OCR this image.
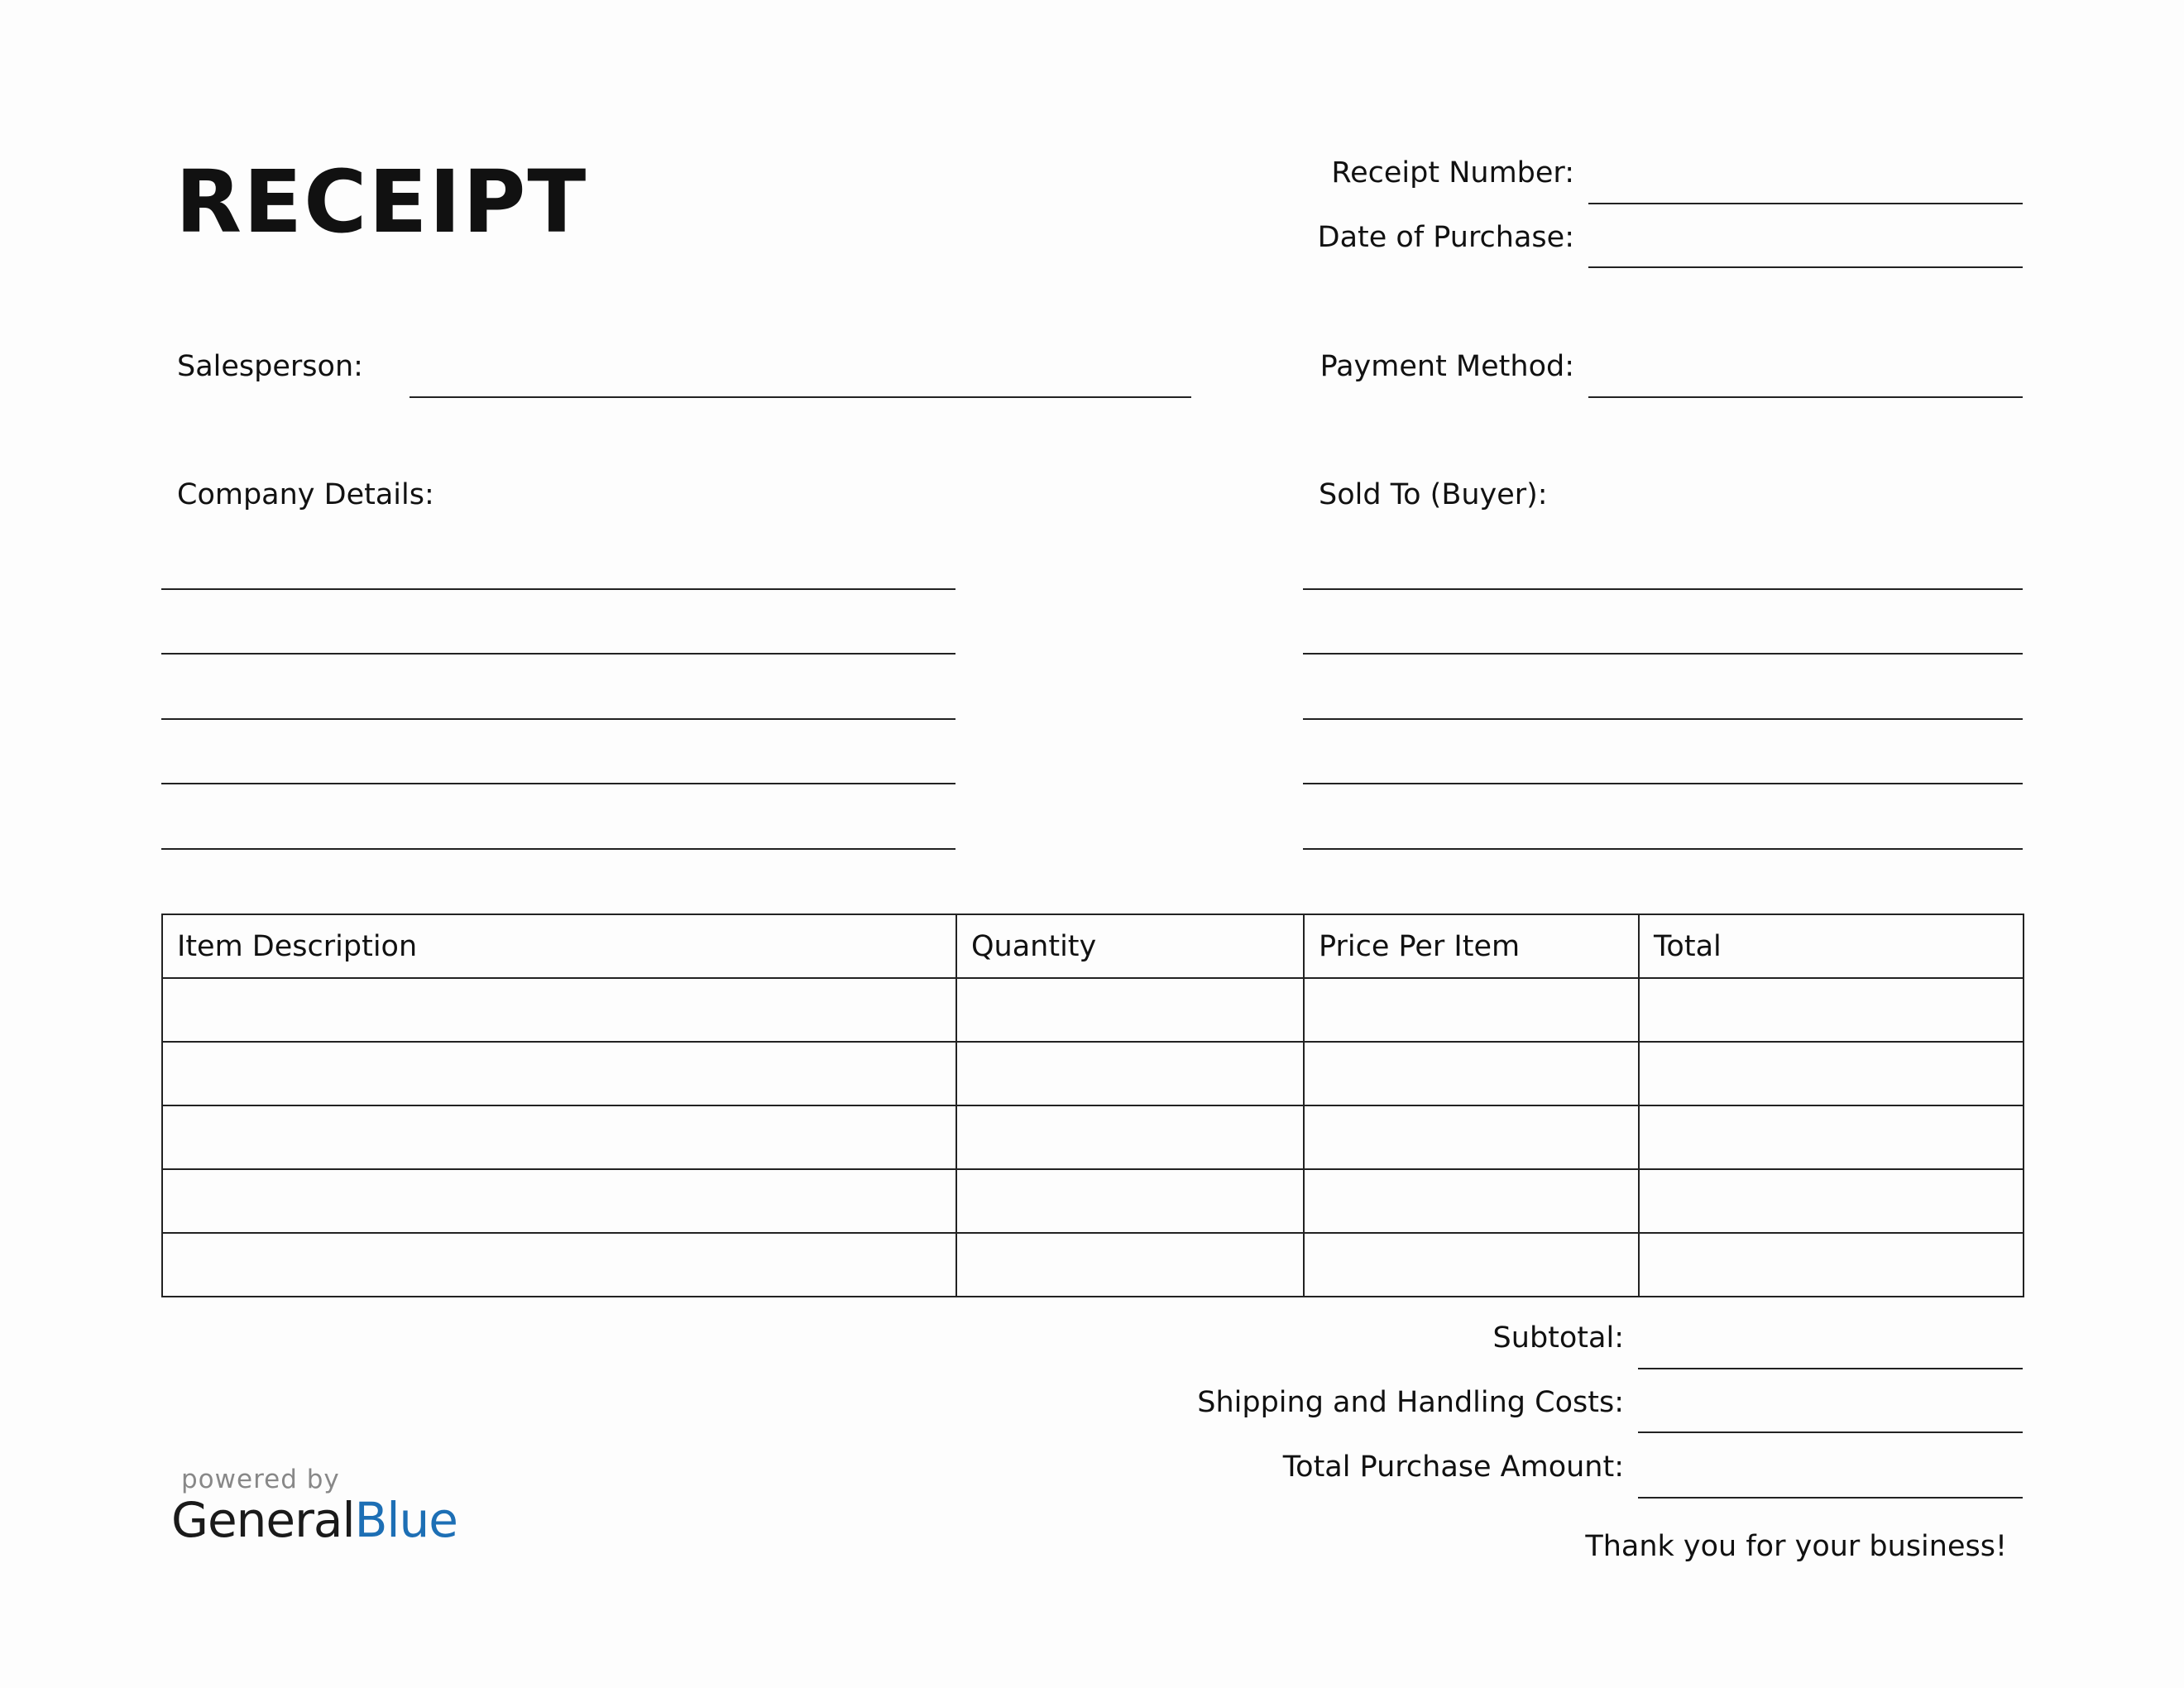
RECEIPT	Receipt Number:
Date of Purchase:
Salesperson:	Payment Method:
Company Details:	Sold To (Buyer):
Item Description	Quantity	Price Per Item	Total

Subtotal:
Shipping and Handling Costs:
Total Purchase Amount:
Thank you for your business!
powered by
GeneralBlue
